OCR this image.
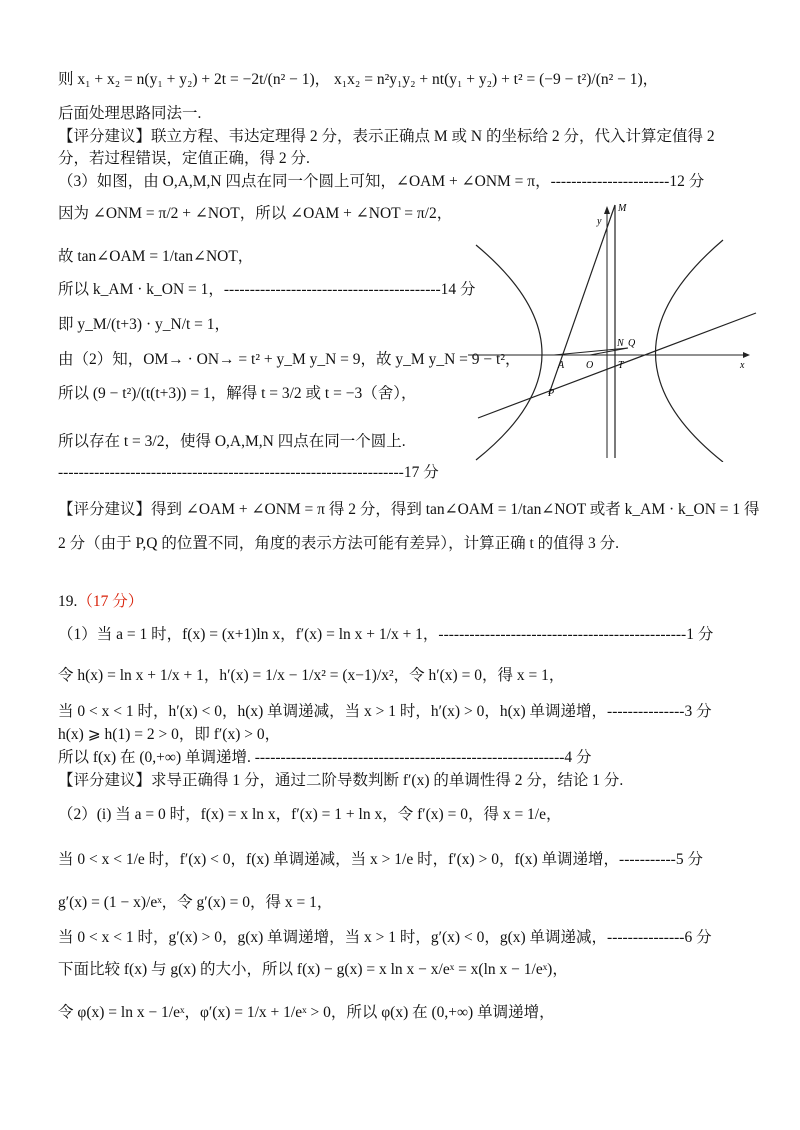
则 x₁ + x₂ = n(y₁ + y₂) + 2t = −2t/(n² − 1)， x₁x₂ = n²y₁y₂ + nt(y₁ + y₂) + t² = (−9 − t²)/(n² − 1)，
后面处理思路同法一.
【评分建议】联立方程、韦达定理得 2 分，表示正确点 M 或 N 的坐标给 2 分，代入计算定值得 2
分，若过程错误，定值正确，得 2 分.
（3）如图，由 O,A,M,N 四点在同一个圆上可知，∠OAM + ∠ONM = π，-----------------------12 分
因为 ∠ONM = π/2 + ∠NOT，所以 ∠OAM + ∠NOT = π/2，
故 tan∠OAM = 1/tan∠NOT，
所以 k_AM · k_ON = 1，------------------------------------------14 分
即 y_M/(t+3) · y_N/t = 1，
由（2）知，OM→ · ON→ = t² + y_M y_N = 9，故 y_M y_N = 9 − t²，
所以 (9 − t²)/(t(t+3)) = 1，解得 t = 3/2 或 t = −3（舍），
所以存在 t = 3/2，使得 O,A,M,N 四点在同一个圆上.
-------------------------------------------------------------------17 分
【评分建议】得到 ∠OAM + ∠ONM = π 得 2 分，得到 tan∠OAM = 1/tan∠NOT 或者 k_AM · k_ON = 1 得
2 分（由于 P,Q 的位置不同，角度的表示方法可能有差异），计算正确 t 的值得 3 分.
M
y
N Q
A O T	x
P
19.（17 分）
（1）当 a = 1 时，f(x) = (x+1)ln x，f′(x) = ln x + 1/x + 1，------------------------------------------------1 分
令 h(x) = ln x + 1/x + 1，h′(x) = 1/x − 1/x² = (x−1)/x²，令 h′(x) = 0，得 x = 1，
当 0 < x < 1 时，h′(x) < 0，h(x) 单调递减，当 x > 1 时，h′(x) > 0，h(x) 单调递增，---------------3 分
h(x) ⩾ h(1) = 2 > 0，即 f′(x) > 0，
所以 f(x) 在 (0,+∞) 单调递增. ------------------------------------------------------------4 分
【评分建议】求导正确得 1 分，通过二阶导数判断 f′(x) 的单调性得 2 分，结论 1 分.
（2）(i) 当 a = 0 时，f(x) = x ln x，f′(x) = 1 + ln x，令 f′(x) = 0，得 x = 1/e，
当 0 < x < 1/e 时，f′(x) < 0，f(x) 单调递减，当 x > 1/e 时，f′(x) > 0，f(x) 单调递增，-----------5 分
g′(x) = (1 − x)/eˣ，令 g′(x) = 0，得 x = 1，
当 0 < x < 1 时，g′(x) > 0，g(x) 单调递增，当 x > 1 时，g′(x) < 0，g(x) 单调递减，---------------6 分
下面比较 f(x) 与 g(x) 的大小，所以 f(x) − g(x) = x ln x − x/eˣ = x(ln x − 1/eˣ)，
令 φ(x) = ln x − 1/eˣ，φ′(x) = 1/x + 1/eˣ > 0，所以 φ(x) 在 (0,+∞) 单调递增，
